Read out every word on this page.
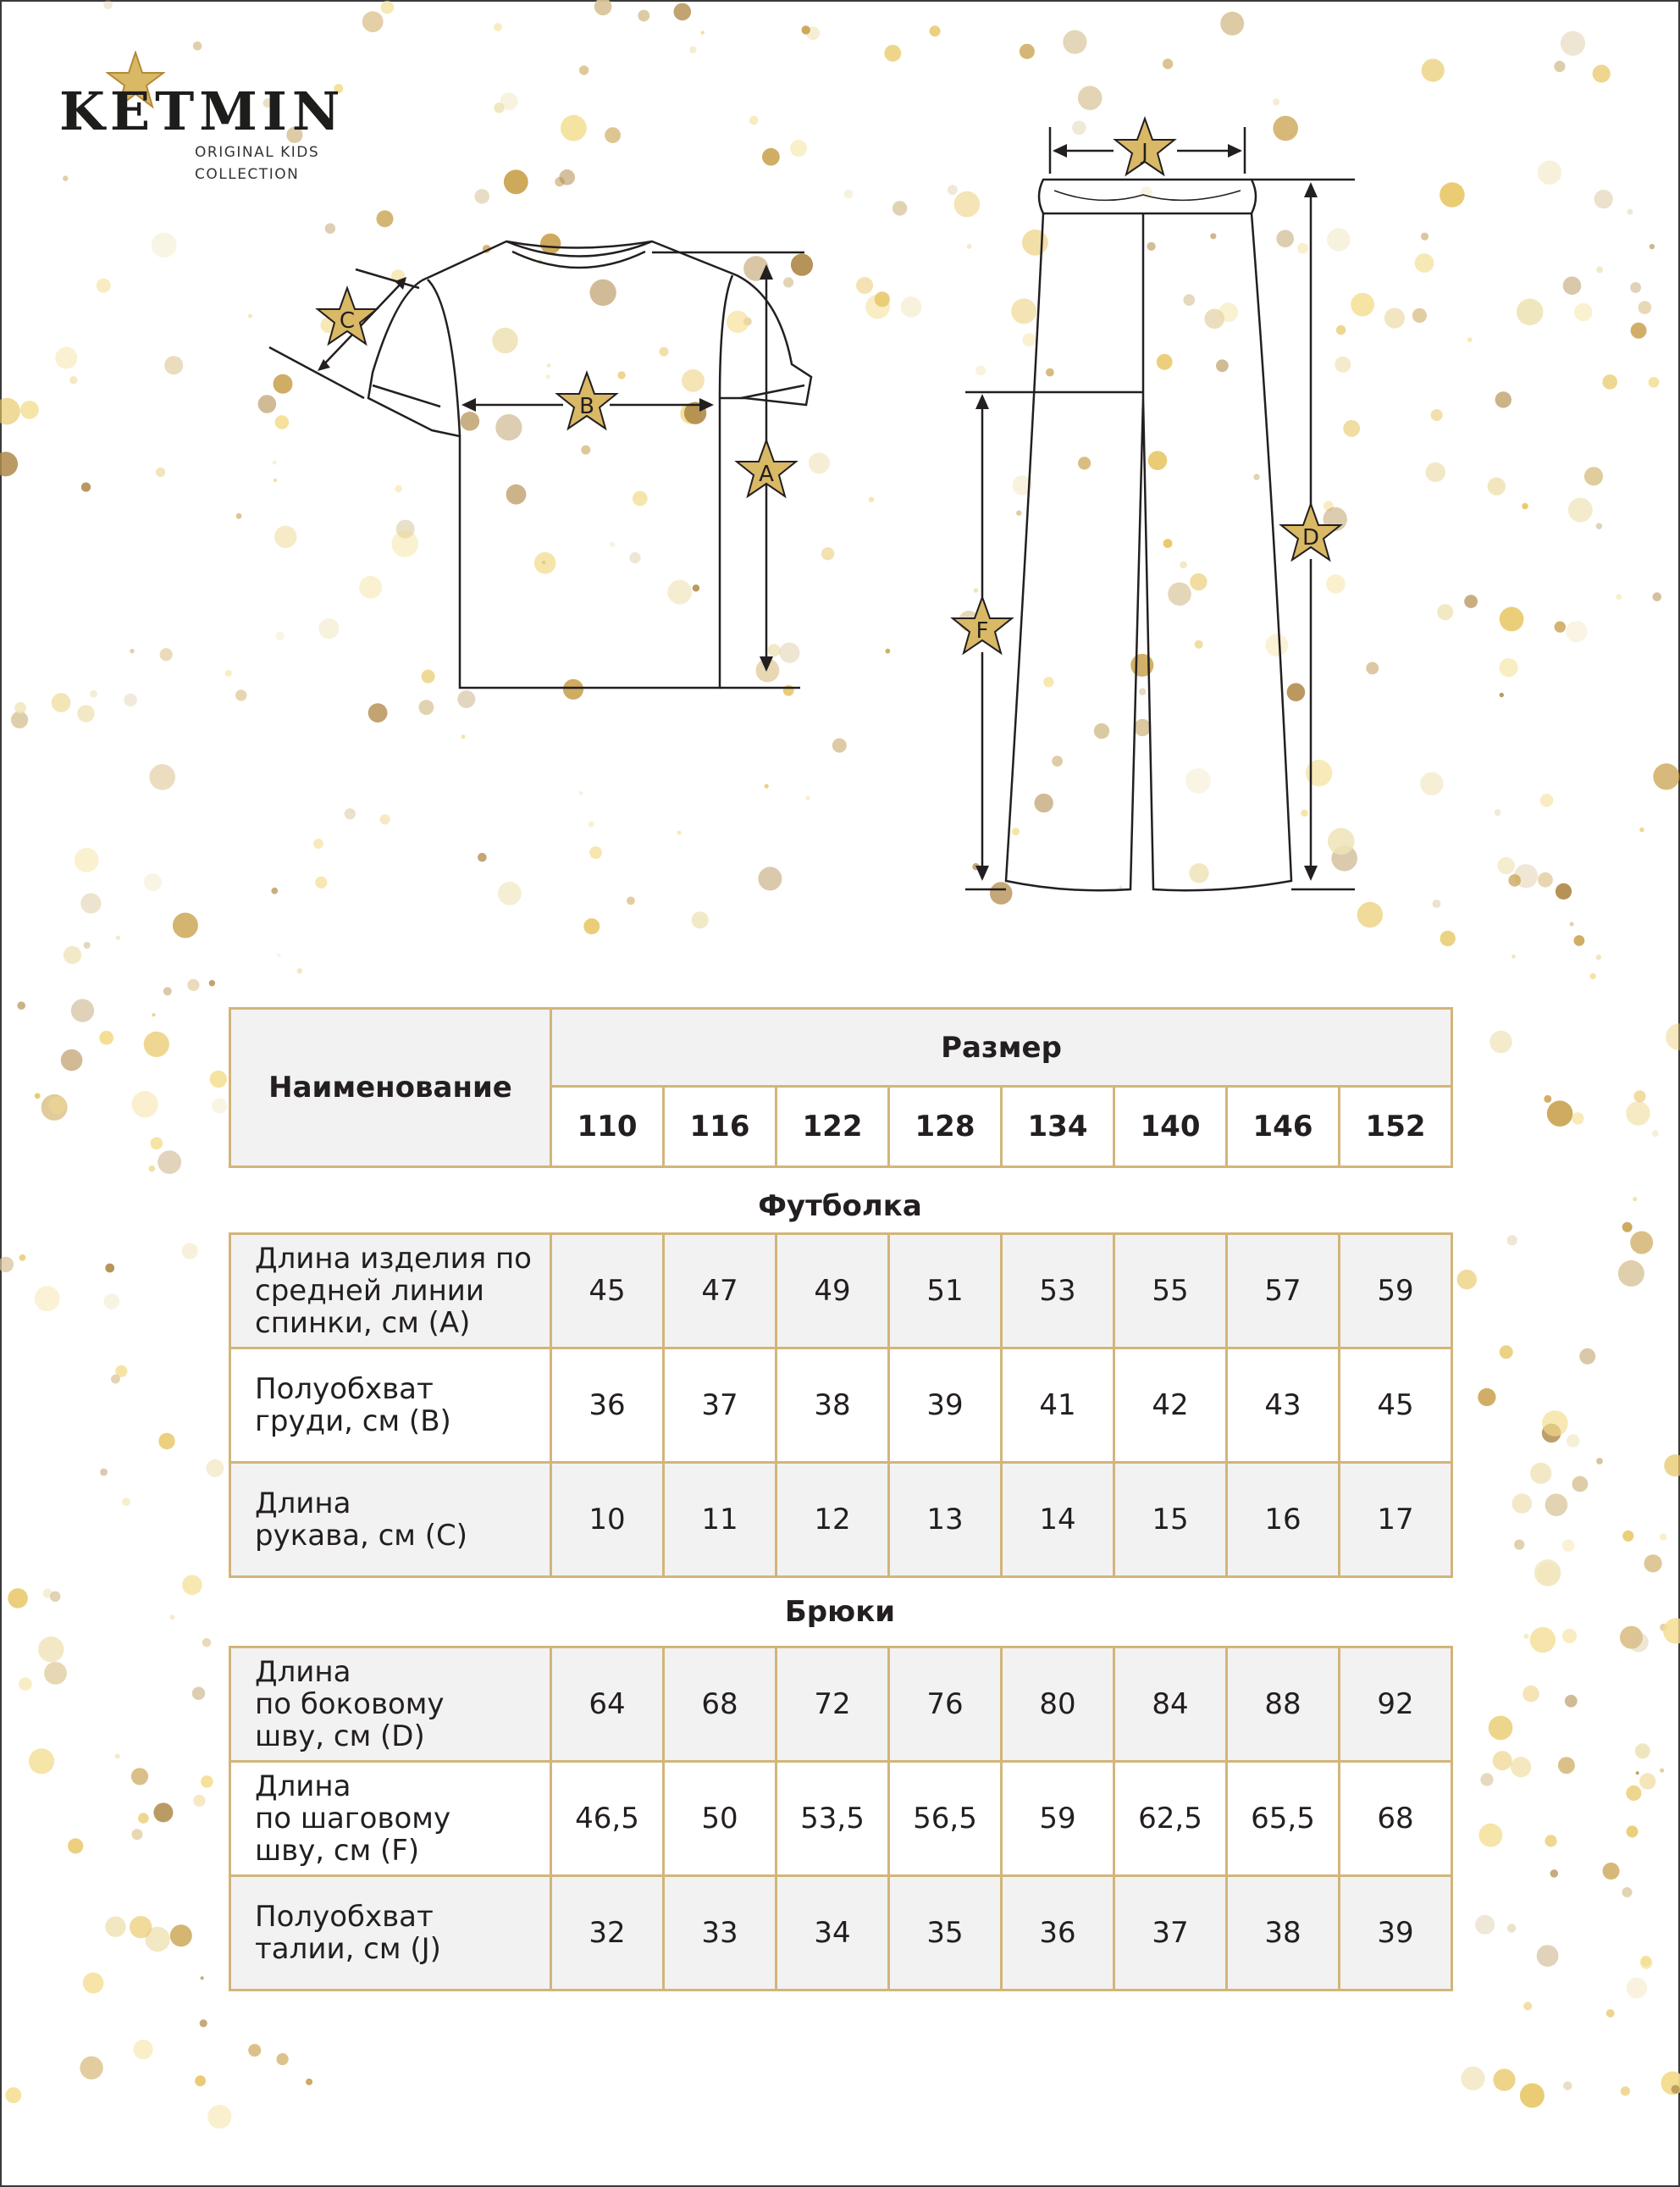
KETMIN
ORIGINAL KIDS
COLLECTION
A
B
C
J
D
F
Наименование	Размер							
	110	116	122	128	134	140	146	152
Футболка
Длина изделия по
средней линии
спинки, см (А)	45	47	49	51	53	55	57	59
Полуобхват
груди, см (В)	36	37	38	39	41	42	43	45
Длина
рукава, см (С)	10	11	12	13	14	15	16	17
Брюки
Длина
по боковому
шву, см (D)	64	68	72	76	80	84	88	92
Длина
по шаговому
шву, см (F)	46,5	50	53,5	56,5	59	62,5	65,5	68
Полуобхват
талии, см (J)	32	33	34	35	36	37	38	39
